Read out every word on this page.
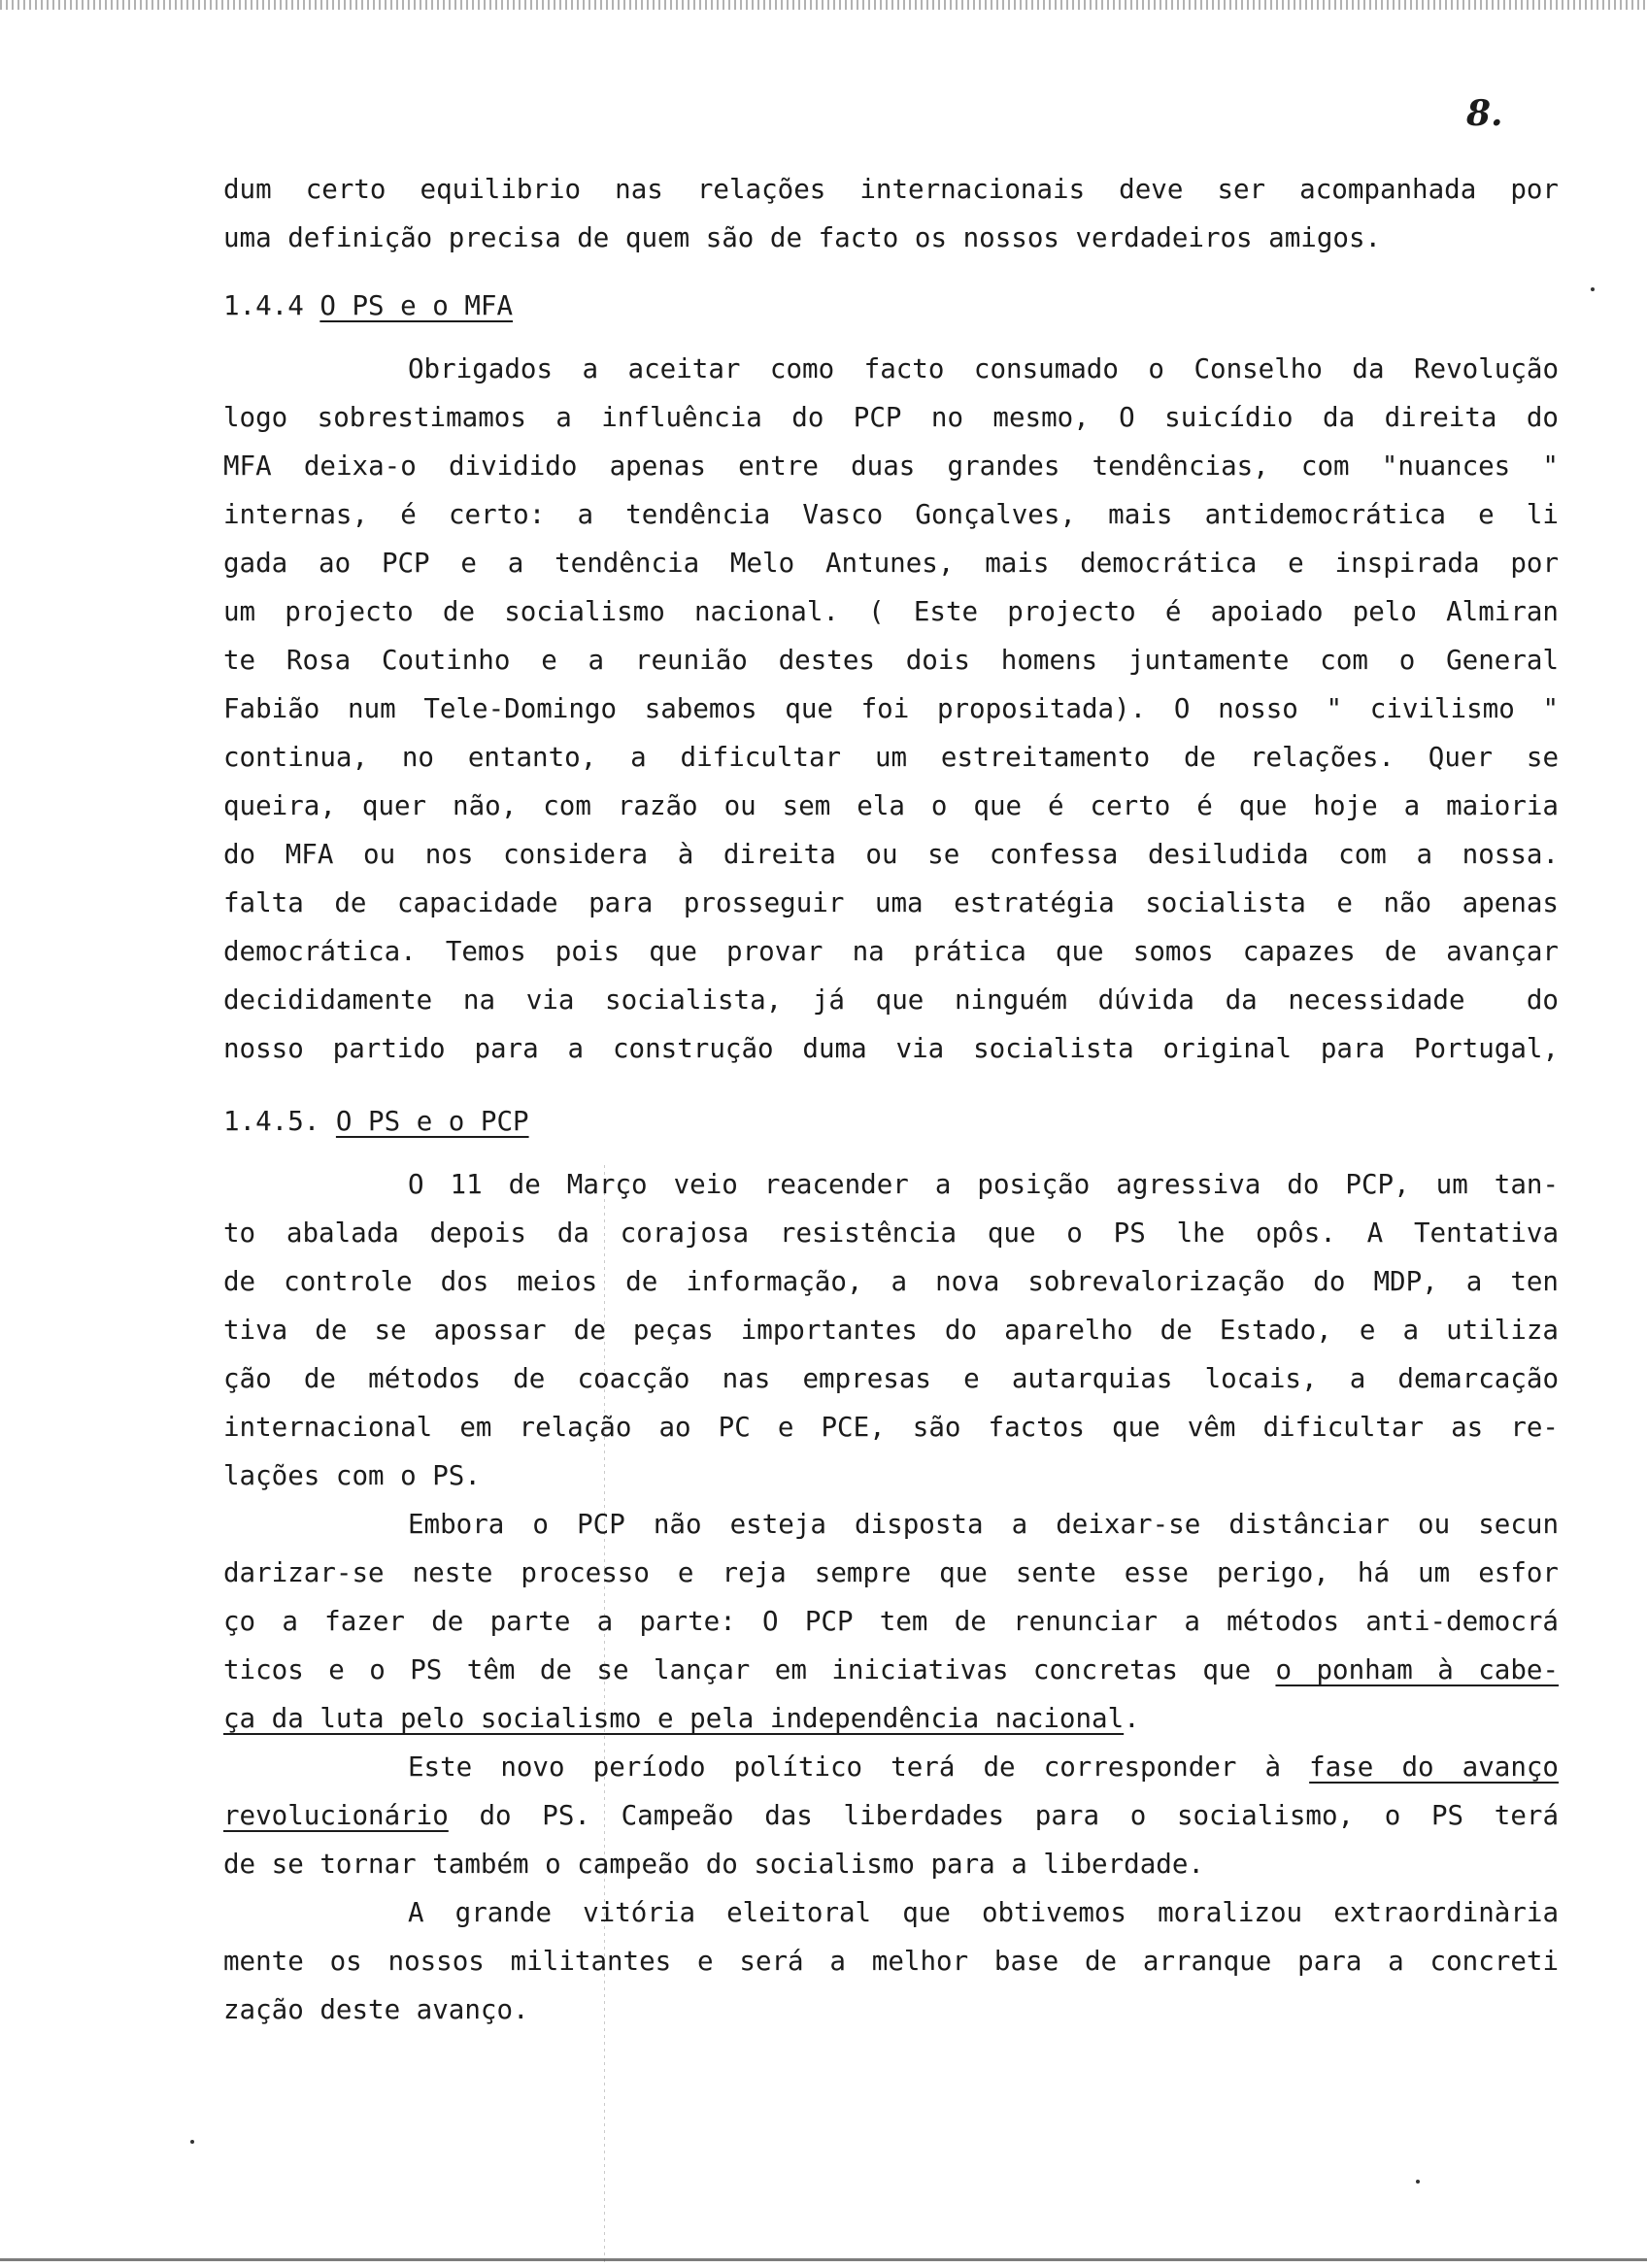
8.
dum certo equilibrio nas relações internacionais deve ser acompanhada por
uma definição precisa de quem são de facto os nossos verdadeiros amigos.
1.4.4 O PS e o MFA
Obrigados a aceitar como facto consumado o Conselho da Revolução
logo sobrestimamos a influência do PCP no mesmo, O suicídio da direita do
MFA deixa-o dividido apenas entre duas grandes tendências, com "nuances "
internas, é certo: a tendência Vasco Gonçalves, mais antidemocrática e li
gada ao PCP e a tendência Melo Antunes, mais democrática e inspirada por
um projecto de socialismo nacional. ( Este projecto é apoiado pelo Almiran
te Rosa Coutinho e a reunião destes dois homens juntamente com o General
Fabião num Tele-Domingo sabemos que foi propositada). O nosso " civilismo "
continua, no entanto, a dificultar um estreitamento de relações. Quer se
queira, quer não, com razão ou sem ela o que é certo é que hoje a maioria
do MFA ou nos considera à direita ou se confessa desiludida com a nossa.
falta de capacidade para prosseguir uma estratégia socialista e não apenas
democrática. Temos pois que provar na prática que somos capazes de avançar
decididamente na via socialista, já que ninguém dúvida da necessidade  do
nosso partido para a construção duma via socialista original para Portugal,
1.4.5. O PS e o PCP
O 11 de Março veio reacender a posição agressiva do PCP, um tan-
to abalada depois da corajosa resistência que o PS lhe opôs. A Tentativa
de controle dos meios de informação, a nova sobrevalorização do MDP, a ten
tiva de se apossar de peças importantes do aparelho de Estado, e a utiliza
ção de métodos de coacção nas empresas e autarquias locais, a demarcação
internacional em relação ao PC e PCE, são factos que vêm dificultar as re-
lações com o PS.
Embora o PCP não esteja disposta a deixar-se distânciar ou secun
darizar-se neste processo e reja sempre que sente esse perigo, há um esfor
ço a fazer de parte a parte: O PCP tem de renunciar a métodos anti-democrá
ticos e o PS têm de se lançar em iniciativas concretas que o ponham à cabe-
ça da luta pelo socialismo e pela independência nacional.
Este novo período político terá de corresponder à fase do avanço
revolucionário do PS. Campeão das liberdades para o socialismo, o PS terá
de se tornar também o campeão do socialismo para a liberdade.
A grande vitória eleitoral que obtivemos moralizou extraordinàriа
mente os nossos militantes e será a melhor base de arranque para a concreti
zação deste avanço.
